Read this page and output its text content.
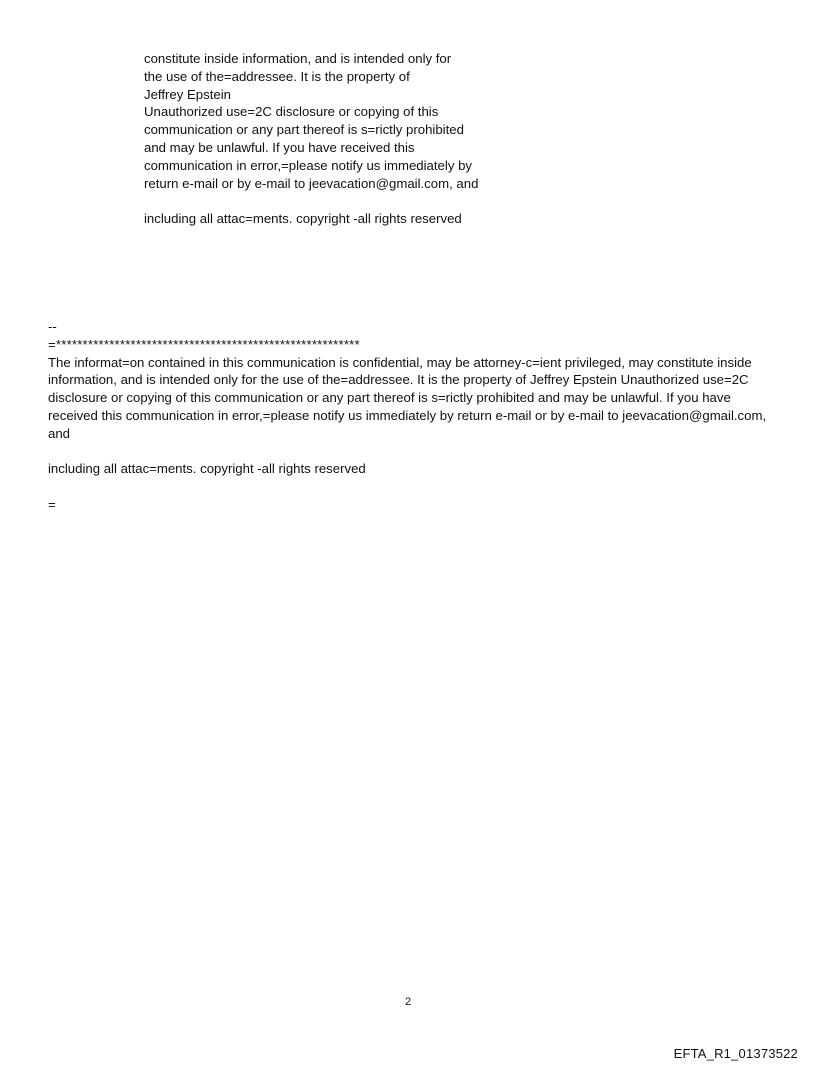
constitute inside information, and is intended only for
the use of the=addressee. It is the property of
Jeffrey Epstein
Unauthorized use=2C disclosure or copying of this
communication or any part thereof is s=rictly prohibited
and may be unlawful. If you have received this
communication in error,=please notify us immediately by
return e-mail or by e-mail to jeevacation@gmail.com, and
including all attac=ments. copyright -all rights reserved
--
=*********************************************************
The informat=on contained in this communication is confidential, may be attorney-c=ient privileged, may constitute inside information, and is intended only for the use of the=addressee. It is the property of Jeffrey Epstein Unauthorized use=2C disclosure or copying of this communication or any part thereof is s=rictly prohibited and may be unlawful. If you have received this communication in error,=please notify us immediately by return e-mail or by e-mail to jeevacation@gmail.com, and
including all attac=ments. copyright -all rights reserved
=
2
EFTA_R1_01373522
